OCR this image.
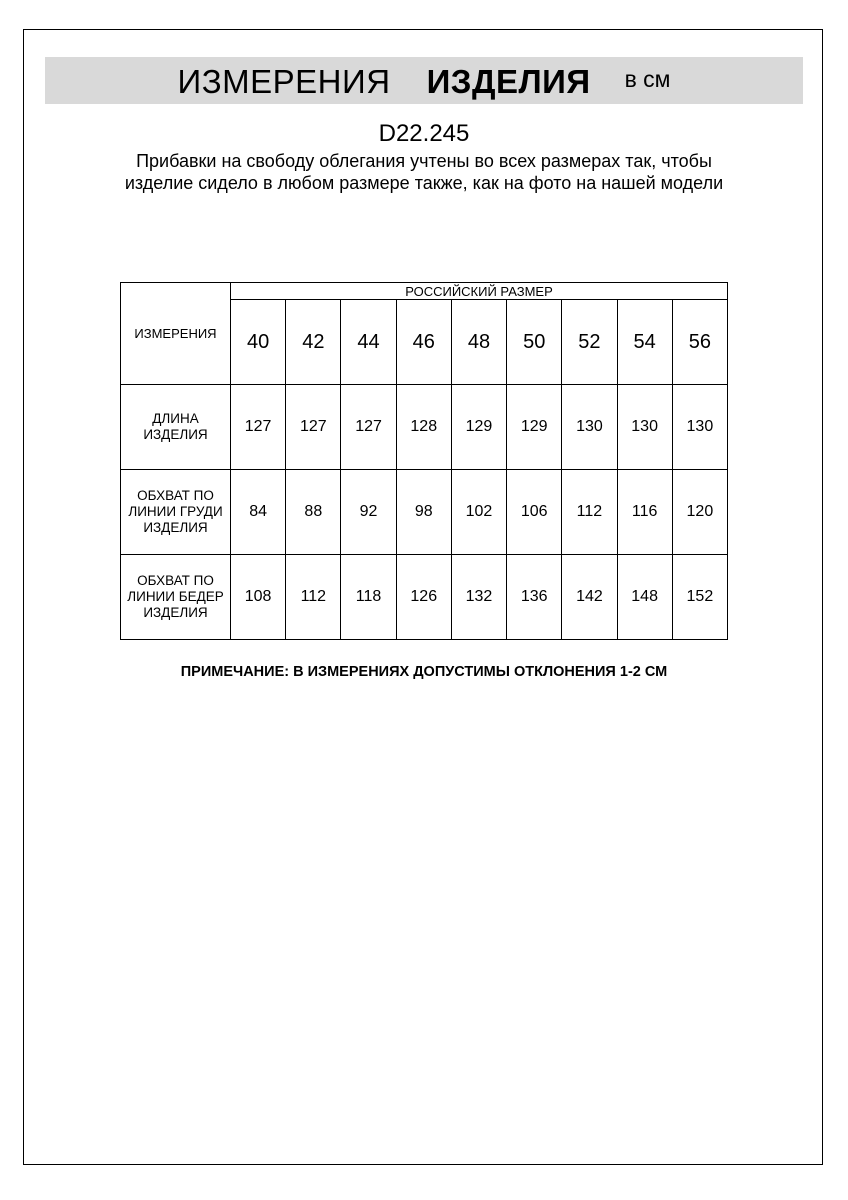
ИЗМЕРЕНИЯ ИЗДЕЛИЯ в см
D22.245
Прибавки на свободу облегания учтены во всех размерах так, чтобы изделие сидело в любом размере также, как на фото на нашей модели
ИЗМЕРЕНИЯ	РОССИЙСКИЙ РАЗМЕР								
	40	42	44	46	48	50	52	54	56

ДЛИНА
ИЗДЕЛИЯ	127	127	127	128	129	129	130	130	130

ОБХВАТ ПО
ЛИНИИ ГРУДИ
ИЗДЕЛИЯ	84	88	92	98	102	106	112	116	120

ОБХВАТ ПО
ЛИНИИ БЕДЕР
ИЗДЕЛИЯ	108	112	118	126	132	136	142	148	152
ПРИМЕЧАНИЕ: В ИЗМЕРЕНИЯХ ДОПУСТИМЫ ОТКЛОНЕНИЯ 1-2 СМ
